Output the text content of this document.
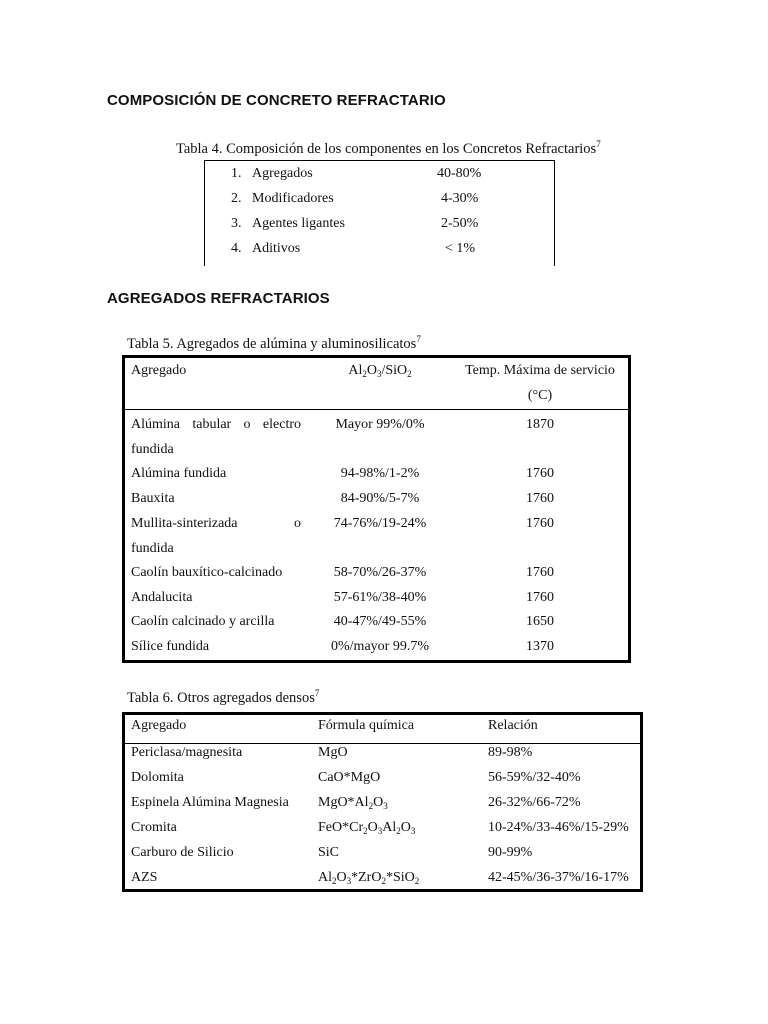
COMPOSICIÓN DE CONCRETO REFRACTARIO
AGREGADOS REFRACTARIOS
Tabla 4. Composición de los componentes en los Concretos Refractarios$^7$
1. Agregados	40-80%
2. Modificadores	4-30%
3. Agentes ligantes	2-50%
4. Aditivos	< 1%
Tabla 5. Agregados de alúmina y aluminosilicatos$^7$
Agregado	$Al_2O_3/SiO_2$	Temp. Máxima de servicio
(°C)
Alúmina tabular o electro
fundida
Mayor 99%/0%	1870
Alúmina fundida	94-98%/1-2%	1760
Bauxita	84-90%/5-7%	1760
Mullita-sinterizada o
fundida
74-76%/19-24%	1760
Caolín bauxítico-calcinado	58-70%/26-37%	1760
Andalucita	57-61%/38-40%	1760
Caolín calcinado y arcilla	40-47%/49-55%	1650
Sílice fundida	0%/mayor 99.7%	1370
Tabla 6. Otros agregados densos$^7$
Agregado	Fórmula química	Relación
Periclasa/magnesita	MgO	89-98%
Dolomita	CaO*MgO	56-59%/32-40%
Espinela Alúmina Magnesia $MgO*Al_2O_3$	26-32%/66-72%
Cromita	$FeO*Cr_2O_3Al_2O_3$	10-24%/33-46%/15-29%
Carburo de Silicio	SiC	90-99%
AZS	$Al_2O_3*ZrO_2*SiO_2$	42-45%/36-37%/16-17%
